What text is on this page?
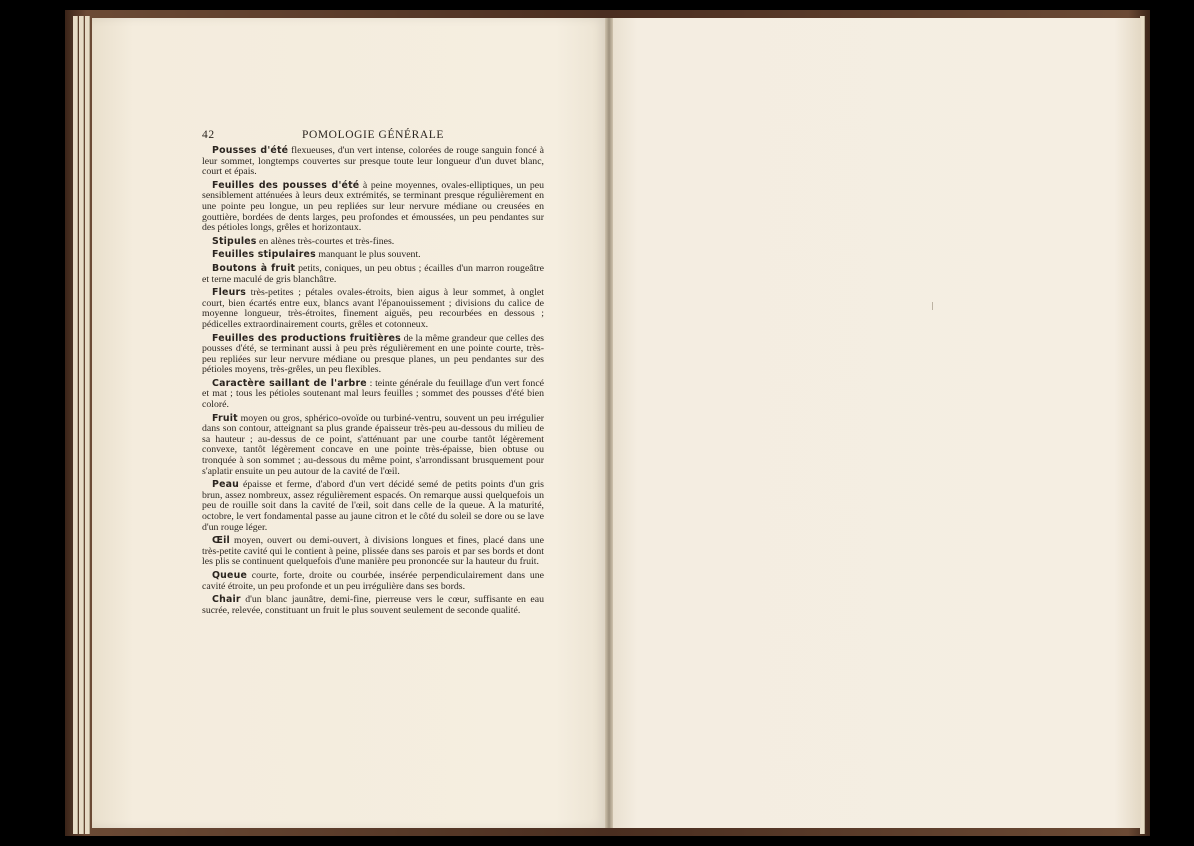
42	POMOLOGIE GÉNÉRALE

Pousses d'été flexueuses, d'un vert intense, colorées de rouge sanguin foncé à leur sommet, longtemps couvertes sur presque toute leur longueur d'un duvet blanc, court et épais.

Feuilles des pousses d'été à peine moyennes, ovales-elliptiques, un peu sensiblement atténuées à leurs deux extrémités, se terminant presque régulièrement en une pointe peu longue, un peu repliées sur leur nervure médiane ou creusées en gouttière, bordées de dents larges, peu profondes et émoussées, un peu pendantes sur des pétioles longs, grêles et horizontaux.

Stipules en alènes très-courtes et très-fines.

Feuilles stipulaires manquant le plus souvent.

Boutons à fruit petits, coniques, un peu obtus ; écailles d'un marron rougeâtre et terne maculé de gris blanchâtre.

Fleurs très-petites ; pétales ovales-étroits, bien aigus à leur sommet, à onglet court, bien écartés entre eux, blancs avant l'épanouissement ; divisions du calice de moyenne longueur, très-étroites, finement aiguës, peu recourbées en dessous ; pédicelles extraordinairement courts, grêles et cotonneux.

Feuilles des productions fruitières de la même grandeur que celles des pousses d'été, se terminant aussi à peu près régulièrement en une pointe courte, très-peu repliées sur leur nervure médiane ou presque planes, un peu pendantes sur des pétioles moyens, très-grêles, un peu flexibles.

Caractère saillant de l'arbre : teinte générale du feuillage d'un vert foncé et mat ; tous les pétioles soutenant mal leurs feuilles ; sommet des pousses d'été bien coloré.

Fruit moyen ou gros, sphérico-ovoïde ou turbiné-ventru, souvent un peu irrégulier dans son contour, atteignant sa plus grande épaisseur très-peu au-dessous du milieu de sa hauteur ; au-dessus de ce point, s'atténuant par une courbe tantôt légèrement convexe, tantôt légèrement concave en une pointe très-épaisse, bien obtuse ou tronquée à son sommet ; au-dessous du même point, s'arrondissant brusquement pour s'aplatir ensuite un peu autour de la cavité de l'œil.

Peau épaisse et ferme, d'abord d'un vert décidé semé de petits points d'un gris brun, assez nombreux, assez régulièrement espacés. On remarque aussi quelquefois un peu de rouille soit dans la cavité de l'œil, soit dans celle de la queue. A la maturité, octobre, le vert fondamental passe au jaune citron et le côté du soleil se dore ou se lave d'un rouge léger.

Œil moyen, ouvert ou demi-ouvert, à divisions longues et fines, placé dans une très-petite cavité qui le contient à peine, plissée dans ses parois et par ses bords et dont les plis se continuent quelquefois d'une manière peu prononcée sur la hauteur du fruit.

Queue courte, forte, droite ou courbée, insérée perpendiculairement dans une cavité étroite, un peu profonde et un peu irrégulière dans ses bords.

Chair d'un blanc jaunâtre, demi-fine, pierreuse vers le cœur, suffisante en eau sucrée, relevée, constituant un fruit le plus souvent seulement de seconde qualité.
